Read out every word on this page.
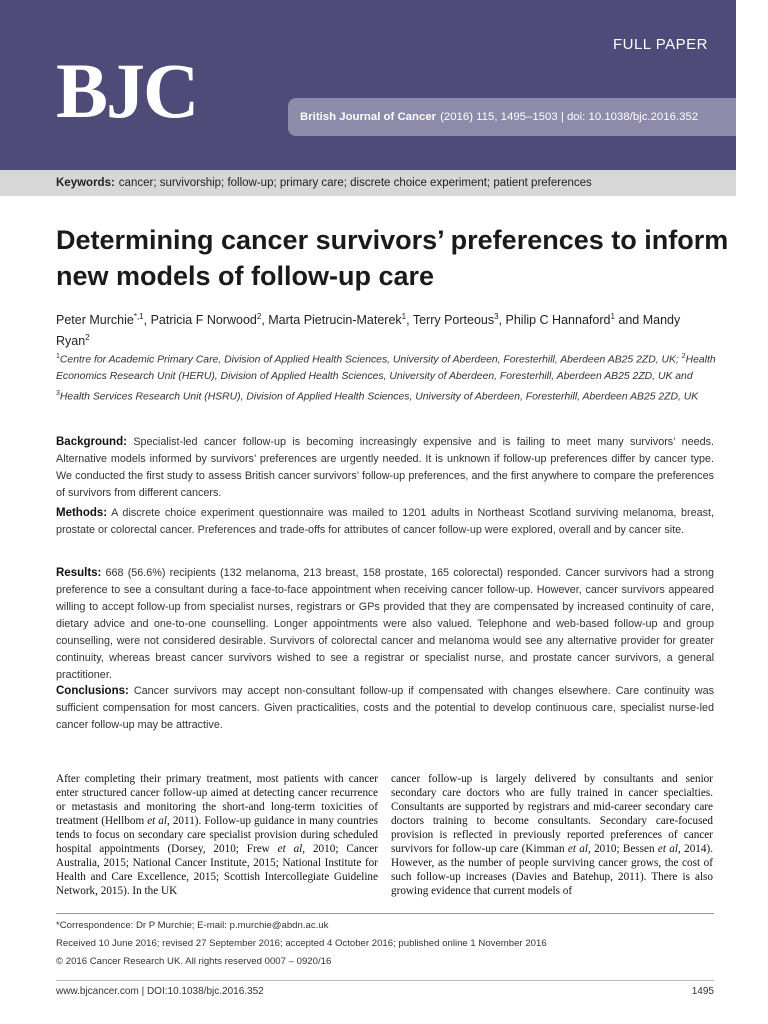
BJC
FULL PAPER
British Journal of Cancer (2016) 115, 1495–1503 | doi: 10.1038/bjc.2016.352
Keywords: cancer; survivorship; follow-up; primary care; discrete choice experiment; patient preferences
Determining cancer survivors’ preferences to inform new models of follow-up care
Peter Murchie$^{*,1}$, Patricia F Norwood$^2$, Marta Pietrucin-Materek$^1$, Terry Porteous$^3$, Philip C Hannaford$^1$ and Mandy Ryan$^2$
$^1$Centre for Academic Primary Care, Division of Applied Health Sciences, University of Aberdeen, Foresterhill, Aberdeen AB25 2ZD, UK; $^2$Health Economics Research Unit (HERU), Division of Applied Health Sciences, University of Aberdeen, Foresterhill, Aberdeen AB25 2ZD, UK and $^3$Health Services Research Unit (HSRU), Division of Applied Health Sciences, University of Aberdeen, Foresterhill, Aberdeen AB25 2ZD, UK
Background: Specialist-led cancer follow-up is becoming increasingly expensive and is failing to meet many survivors’ needs. Alternative models informed by survivors’ preferences are urgently needed. It is unknown if follow-up preferences differ by cancer type. We conducted the first study to assess British cancer survivors’ follow-up preferences, and the first anywhere to compare the preferences of survivors from different cancers.
Methods: A discrete choice experiment questionnaire was mailed to 1201 adults in Northeast Scotland surviving melanoma, breast, prostate or colorectal cancer. Preferences and trade-offs for attributes of cancer follow-up were explored, overall and by cancer site.
Results: 668 (56.6%) recipients (132 melanoma, 213 breast, 158 prostate, 165 colorectal) responded. Cancer survivors had a strong preference to see a consultant during a face-to-face appointment when receiving cancer follow-up. However, cancer survivors appeared willing to accept follow-up from specialist nurses, registrars or GPs provided that they are compensated by increased continuity of care, dietary advice and one-to-one counselling. Longer appointments were also valued. Telephone and web-based follow-up and group counselling, were not considered desirable. Survivors of colorectal cancer and melanoma would see any alternative provider for greater continuity, whereas breast cancer survivors wished to see a registrar or specialist nurse, and prostate cancer survivors, a general practitioner.
Conclusions: Cancer survivors may accept non-consultant follow-up if compensated with changes elsewhere. Care continuity was sufficient compensation for most cancers. Given practicalities, costs and the potential to develop continuous care, specialist nurse-led cancer follow-up may be attractive.
After completing their primary treatment, most patients with cancer enter structured cancer follow-up aimed at detecting cancer recurrence or metastasis and monitoring the short-and long-term toxicities of treatment (Hellbom et al, 2011). Follow-up guidance in many countries tends to focus on secondary care specialist provision during scheduled hospital appointments (Dorsey, 2010; Frew et al, 2010; Cancer Australia, 2015; National Cancer Institute, 2015; National Institute for Health and Care Excellence, 2015; Scottish Intercollegiate Guideline Network, 2015). In the UK
cancer follow-up is largely delivered by consultants and senior secondary care doctors who are fully trained in cancer specialties. Consultants are supported by registrars and mid-career secondary care doctors training to become consultants. Secondary care-focused provision is reflected in previously reported preferences of cancer survivors for follow-up care (Kimman et al, 2010; Bessen et al, 2014). However, as the number of people surviving cancer grows, the cost of such follow-up increases (Davies and Batehup, 2011). There is also growing evidence that current models of
*Correspondence: Dr P Murchie; E-mail: p.murchie@abdn.ac.uk
Received 10 June 2016; revised 27 September 2016; accepted 4 October 2016; published online 1 November 2016
© 2016 Cancer Research UK. All rights reserved 0007 – 0920/16
www.bjcancer.com | DOI:10.1038/bjc.2016.352	1495
